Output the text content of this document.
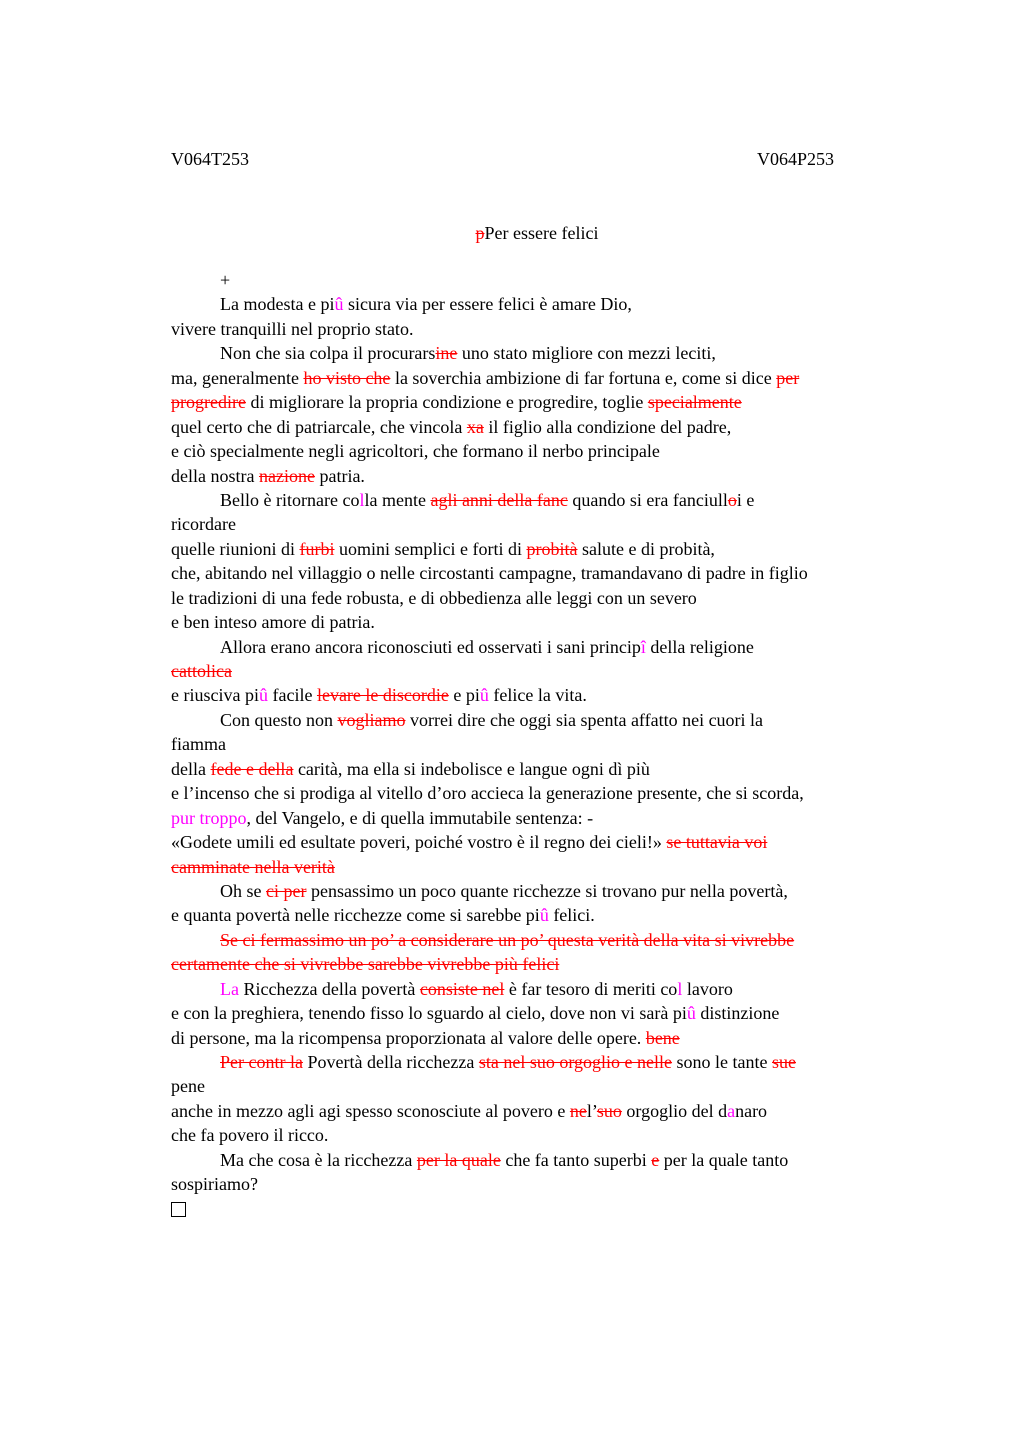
V064T253	V064P253
pPer essere felici
+
La modesta e piû sicura via per essere felici è amare Dio,
vivere tranquilli nel proprio stato.
Non che sia colpa il procurarsine uno stato migliore con mezzi leciti,
ma, generalmente ho visto che la soverchia ambizione di far fortuna e, come si dice per
progredire di migliorare la propria condizione e progredire, toglie specialmente
quel certo che di patriarcale, che vincola xa il figlio alla condizione del padre,
e ciò specialmente negli agricoltori, che formano il nerbo principale
della nostra nazione patria.
Bello è ritornare colla mente agli anni della fanc quando si era fanciulloi e
ricordare
quelle riunioni di furbi uomini semplici e forti di probità salute e di probità,
che, abitando nel villaggio o nelle circostanti campagne, tramandavano di padre in figlio
le tradizioni di una fede robusta, e di obbedienza alle leggi con un severo
e ben inteso amore di patria.
Allora erano ancora riconosciuti ed osservati i sani principî della religione
cattolica
e riusciva piû facile levare le discordie e piû felice la vita.
Con questo non vogliamo vorrei dire che oggi sia spenta affatto nei cuori la
fiamma
della fede e della carità, ma ella si indebolisce e langue ogni dì più
e l’incenso che si prodiga al vitello d’oro accieca la generazione presente, che si scorda,
pur troppo, del Vangelo, e di quella immutabile sentenza: -
«Godete umili ed esultate poveri, poiché vostro è il regno dei cieli!» se tuttavia voi
camminate nella verità
Oh se ci per pensassimo un poco quante ricchezze si trovano pur nella povertà,
e quanta povertà nelle ricchezze come si sarebbe piû felici.
Se ci fermassimo un po’ a considerare un po’ questa verità della vita si vivrebbe
certamente che si vivrebbe sarebbe vivrebbe più felici
La Ricchezza della povertà consiste nel è far tesoro di meriti col lavoro
e con la preghiera, tenendo fisso lo sguardo al cielo, dove non vi sarà piû distinzione
di persone, ma la ricompensa proporzionata al valore delle opere. bene
Per contr la Povertà della ricchezza sta nel suo orgoglio e nelle sono le tante sue
pene
anche in mezzo agli agi spesso sconosciute al povero e nel’suo orgoglio del danaro
che fa povero il ricco.
Ma che cosa è la ricchezza per la quale che fa tanto superbi e per la quale tanto
sospiriamo?
